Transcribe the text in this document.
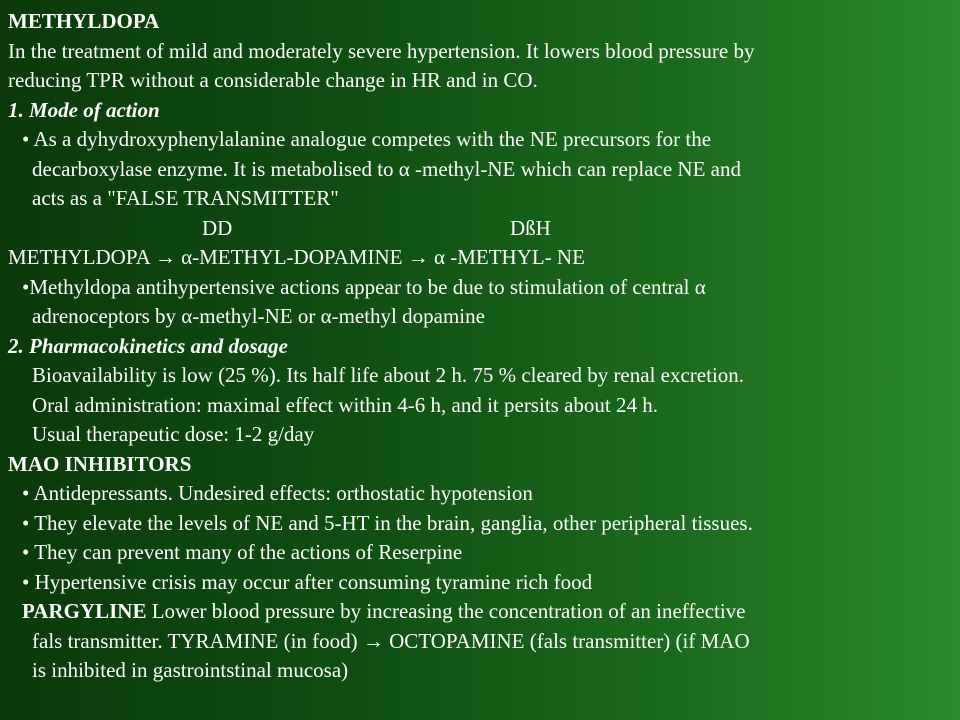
METHYLDOPA
In the treatment of mild and moderately severe hypertension. It lowers blood pressure by
reducing TPR without a considerable change in HR and in CO.
1. Mode of action
• As a dyhydroxyphenylalanine analogue competes with the NE precursors for the
decarboxylase enzyme. It is metabolised to α -methyl-NE which can replace NE and
acts as a "FALSE TRANSMITTER"
DD	DßH
METHYLDOPA → α-METHYL-DOPAMINE → α -METHYL- NE
•Methyldopa antihypertensive actions appear to be due to stimulation of central α
adrenoceptors by α-methyl-NE or α-methyl dopamine
2. Pharmacokinetics and dosage
Bioavailability is low (25 %). Its half life about 2 h. 75 % cleared by renal excretion.
Oral administration: maximal effect within 4-6 h, and it persits about 24 h.
Usual therapeutic dose: 1-2 g/day
MAO INHIBITORS
• Antidepressants. Undesired effects: orthostatic hypotension
• They elevate the levels of NE and 5-HT in the brain, ganglia, other peripheral tissues.
• They can prevent many of the actions of Reserpine
• Hypertensive crisis may occur after consuming tyramine rich food
PARGYLINE Lower blood pressure by increasing the concentration of an ineffective
fals transmitter. TYRAMINE (in food) → OCTOPAMINE (fals transmitter) (if MAO
is inhibited in gastrointstinal mucosa)
